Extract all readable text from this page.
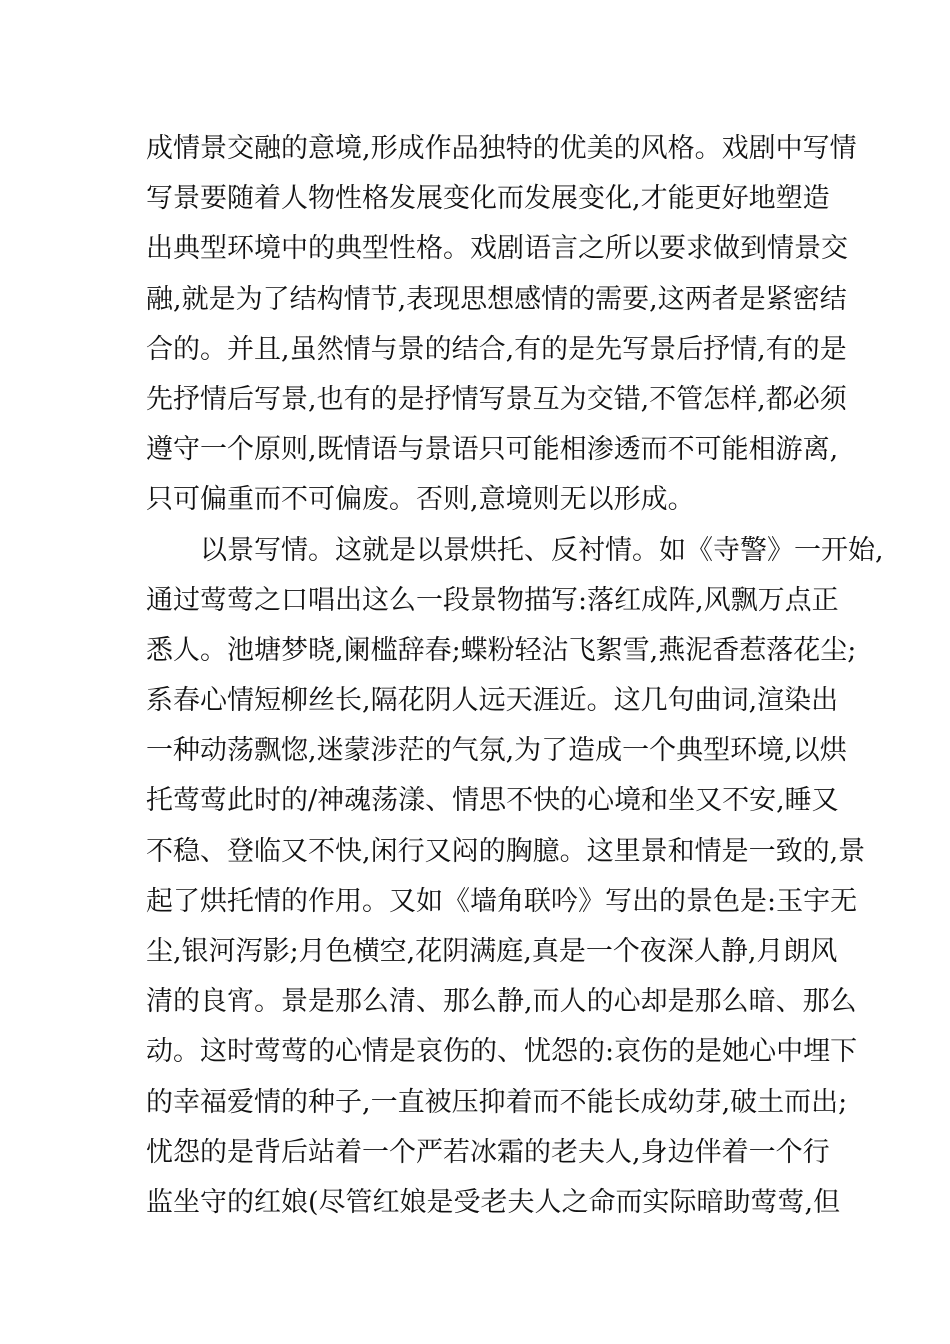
成情景交融的意境,形成作品独特的优美的风格。戏剧中写情
写景要随着人物性格发展变化而发展变化,才能更好地塑造
出典型环境中的典型性格。戏剧语言之所以要求做到情景交
融,就是为了结构情节,表现思想感情的需要,这两者是紧密结
合的。并且,虽然情与景的结合,有的是先写景后抒情,有的是
先抒情后写景,也有的是抒情写景互为交错,不管怎样,都必须
遵守一个原则,既情语与景语只可能相渗透而不可能相游离,
只可偏重而不可偏废。否则,意境则无以形成。
以景写情。这就是以景烘托、反衬情。如《寺警》一开始,
通过莺莺之口唱出这么一段景物描写:落红成阵,风飘万点正
悉人。池塘梦晓,阑槛辞春;蝶粉轻沾飞絮雪,燕泥香惹落花尘;
系春心情短柳丝长,隔花阴人远天涯近。这几句曲词,渲染出
一种动荡飘惚,迷蒙涉茫的气氛,为了造成一个典型环境,以烘
托莺莺此时的/神魂荡漾、情思不快的心境和坐又不安,睡又
不稳、登临又不快,闲行又闷的胸臆。这里景和情是一致的,景
起了烘托情的作用。又如《墙角联吟》写出的景色是:玉宇无
尘,银河泻影;月色横空,花阴满庭,真是一个夜深人静,月朗风
清的良宵。景是那么清、那么静,而人的心却是那么暗、那么
动。这时莺莺的心情是哀伤的、忧怨的:哀伤的是她心中埋下
的幸福爱情的种子,一直被压抑着而不能长成幼芽,破土而出;
忧怨的是背后站着一个严若冰霜的老夫人,身边伴着一个行
监坐守的红娘(尽管红娘是受老夫人之命而实际暗助莺莺,但
